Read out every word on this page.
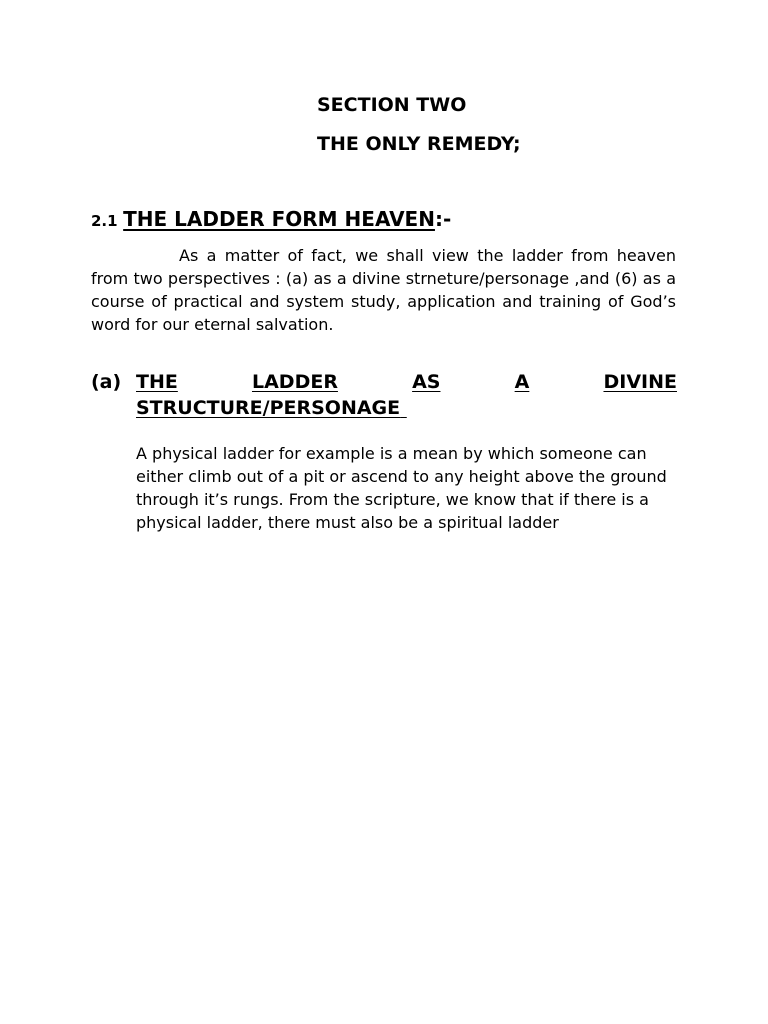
SECTION TWO

THE ONLY REMEDY;

2.1 THE LADDER FORM HEAVEN:-

As a matter of fact, we shall view the ladder from heaven from two perspectives : (a) as a divine strneture/personage ,and (6) as a course of practical and system study, application and training of God’s word for our eternal salvation.

(a) THE	LADDER	AS	A	DIVINE
STRUCTURE/PERSONAGE

A physical ladder for example is a mean by which someone can either climb out of a pit or ascend to any height above the ground through it’s rungs. From the scripture, we know that if there is a physical ladder, there must also be a spiritual ladder
